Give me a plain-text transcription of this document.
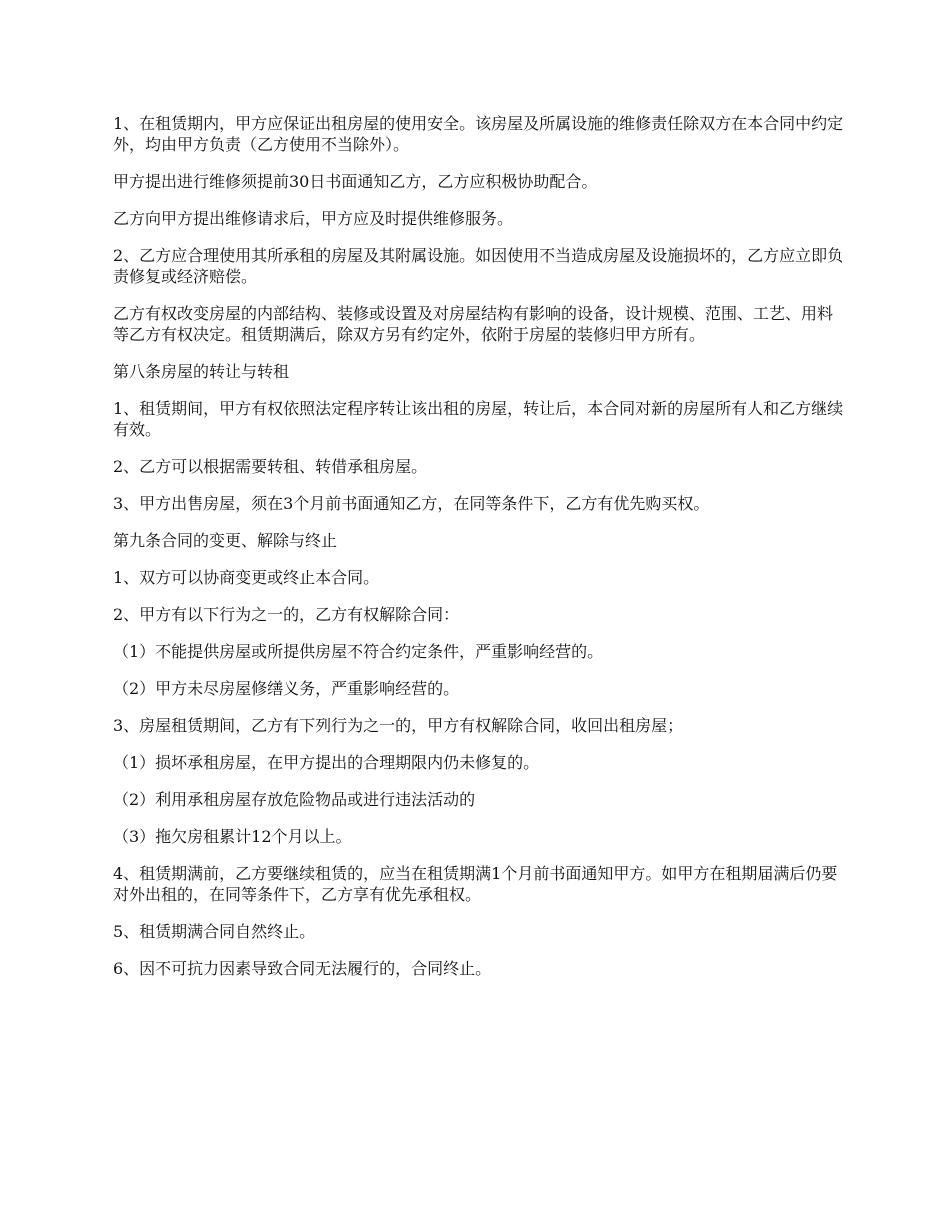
1、在租赁期内，甲方应保证出租房屋的使用安全。该房屋及所属设施的维修责任除双方在本合同中约定外，均由甲方负责（乙方使用不当除外）。

甲方提出进行维修须提前30日书面通知乙方，乙方应积极协助配合。

乙方向甲方提出维修请求后，甲方应及时提供维修服务。

2、乙方应合理使用其所承租的房屋及其附属设施。如因使用不当造成房屋及设施损坏的，乙方应立即负责修复或经济赔偿。

乙方有权改变房屋的内部结构、装修或设置及对房屋结构有影响的设备，设计规模、范围、工艺、用料等乙方有权决定。租赁期满后，除双方另有约定外，依附于房屋的装修归甲方所有。

第八条房屋的转让与转租

1、租赁期间，甲方有权依照法定程序转让该出租的房屋，转让后，本合同对新的房屋所有人和乙方继续有效。

2、乙方可以根据需要转租、转借承租房屋。

3、甲方出售房屋，须在3个月前书面通知乙方，在同等条件下，乙方有优先购买权。

第九条合同的变更、解除与终止

1、双方可以协商变更或终止本合同。

2、甲方有以下行为之一的，乙方有权解除合同：

（1）不能提供房屋或所提供房屋不符合约定条件，严重影响经营的。

（2）甲方未尽房屋修缮义务，严重影响经营的。

3、房屋租赁期间，乙方有下列行为之一的，甲方有权解除合同，收回出租房屋；

（1）损坏承租房屋，在甲方提出的合理期限内仍未修复的。

（2）利用承租房屋存放危险物品或进行违法活动的

（3）拖欠房租累计12个月以上。

4、租赁期满前，乙方要继续租赁的，应当在租赁期满1个月前书面通知甲方。如甲方在租期届满后仍要对外出租的，在同等条件下，乙方享有优先承租权。

5、租赁期满合同自然终止。

6、因不可抗力因素导致合同无法履行的，合同终止。
